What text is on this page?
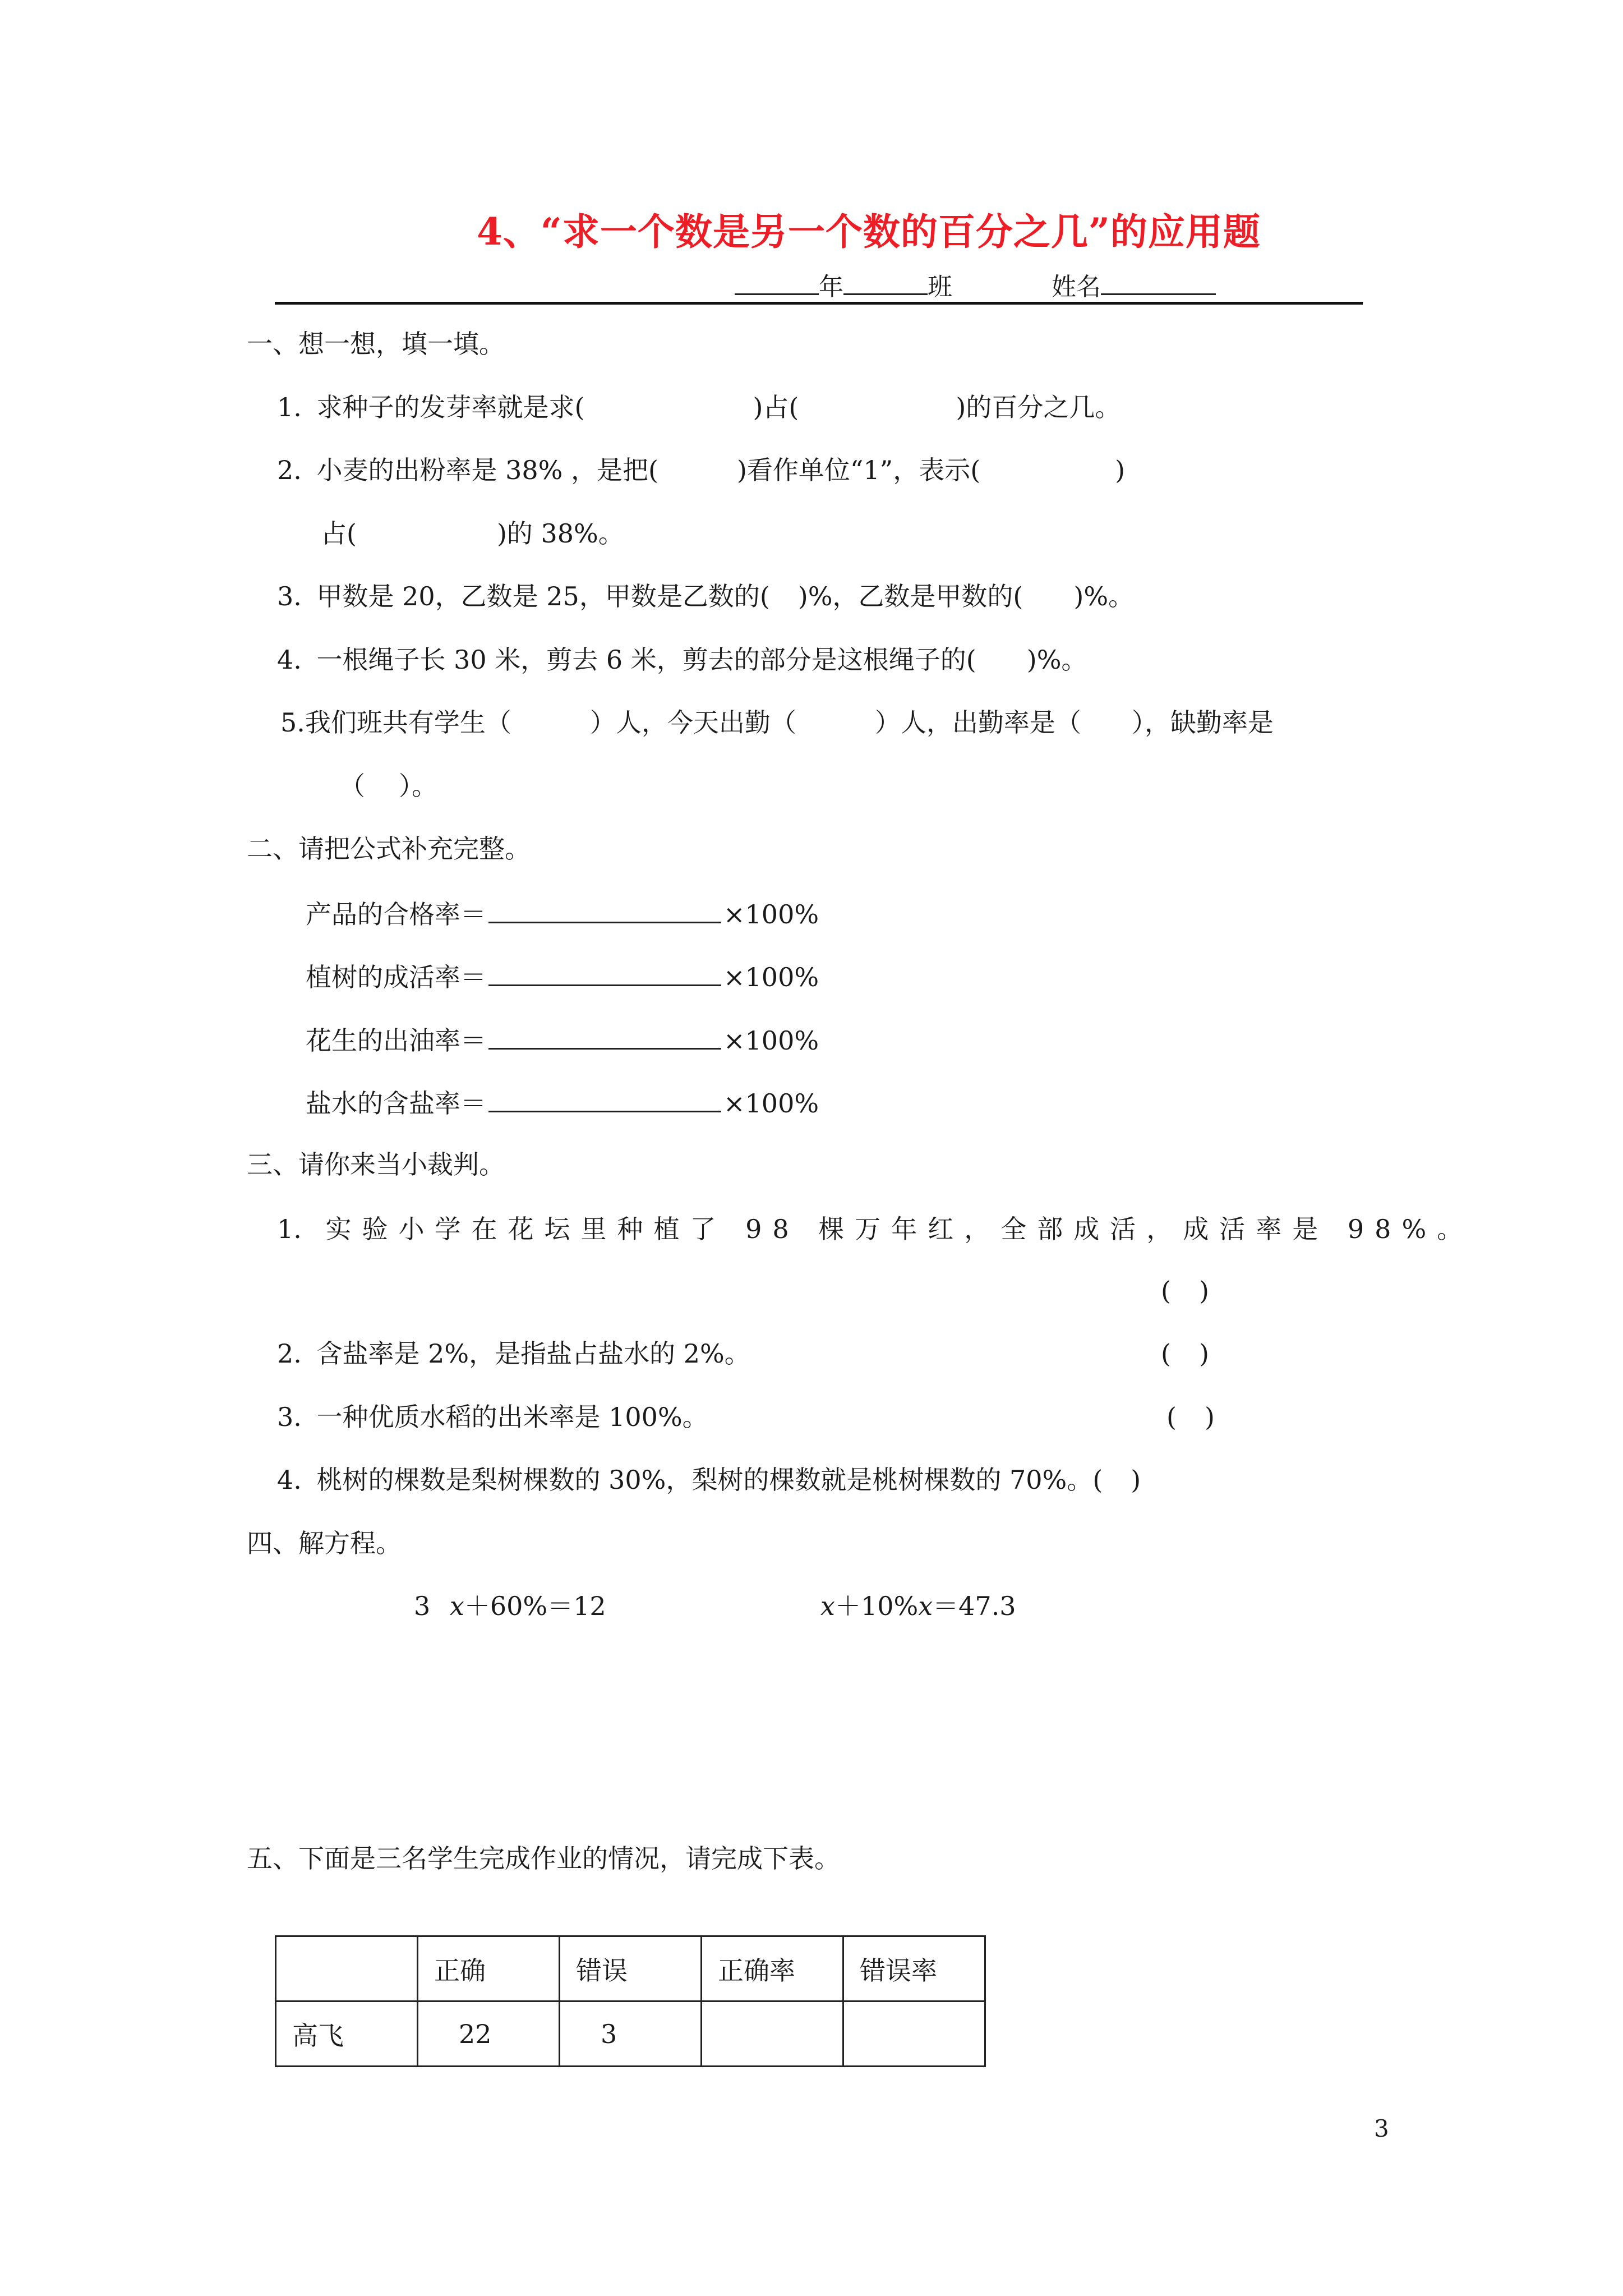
4、“求一个数是另一个数的百分之几”的应用题
年	班	姓名
一、想一想，填一填。
1. 求种子的发芽率就是求(	)占(	)的百分之几。
2. 小麦的出粉率是 38% ，是把(	)看作单位“1”，表示(	)
占(	)的 38%。
3. 甲数是 20，乙数是 25，甲数是乙数的( )%，乙数是甲数的( )%。
4. 一根绳子长 30 米，剪去 6 米，剪去的部分是这根绳子的( )%。
5.我们班共有学生（	）人，今天出勤（	）人，出勤率是（ ），缺勤率是
（ ）。
二、请把公式补充完整。
产品的合格率＝	×100%
植树的成活率＝	×100%
花生的出油率＝	×100%
盐水的含盐率＝	×100%
三、请你来当小裁判。
1. 实验小学在花坛里种植了 98 棵万年红，全部成活，成活率是 98%。
( )
2. 含盐率是 2%，是指盐占盐水的 2%。	( )
3. 一种优质水稻的出米率是 100%。	( )
4. 桃树的棵数是梨树棵数的 30%，梨树的棵数就是桃树棵数的 70%。( )
四、解方程。
3 x＋60%＝12	x＋10%x＝47.3
五、下面是三名学生完成作业的情况，请完成下表。
	正确	错误	正确率	错误率
高飞	22	3		
3
